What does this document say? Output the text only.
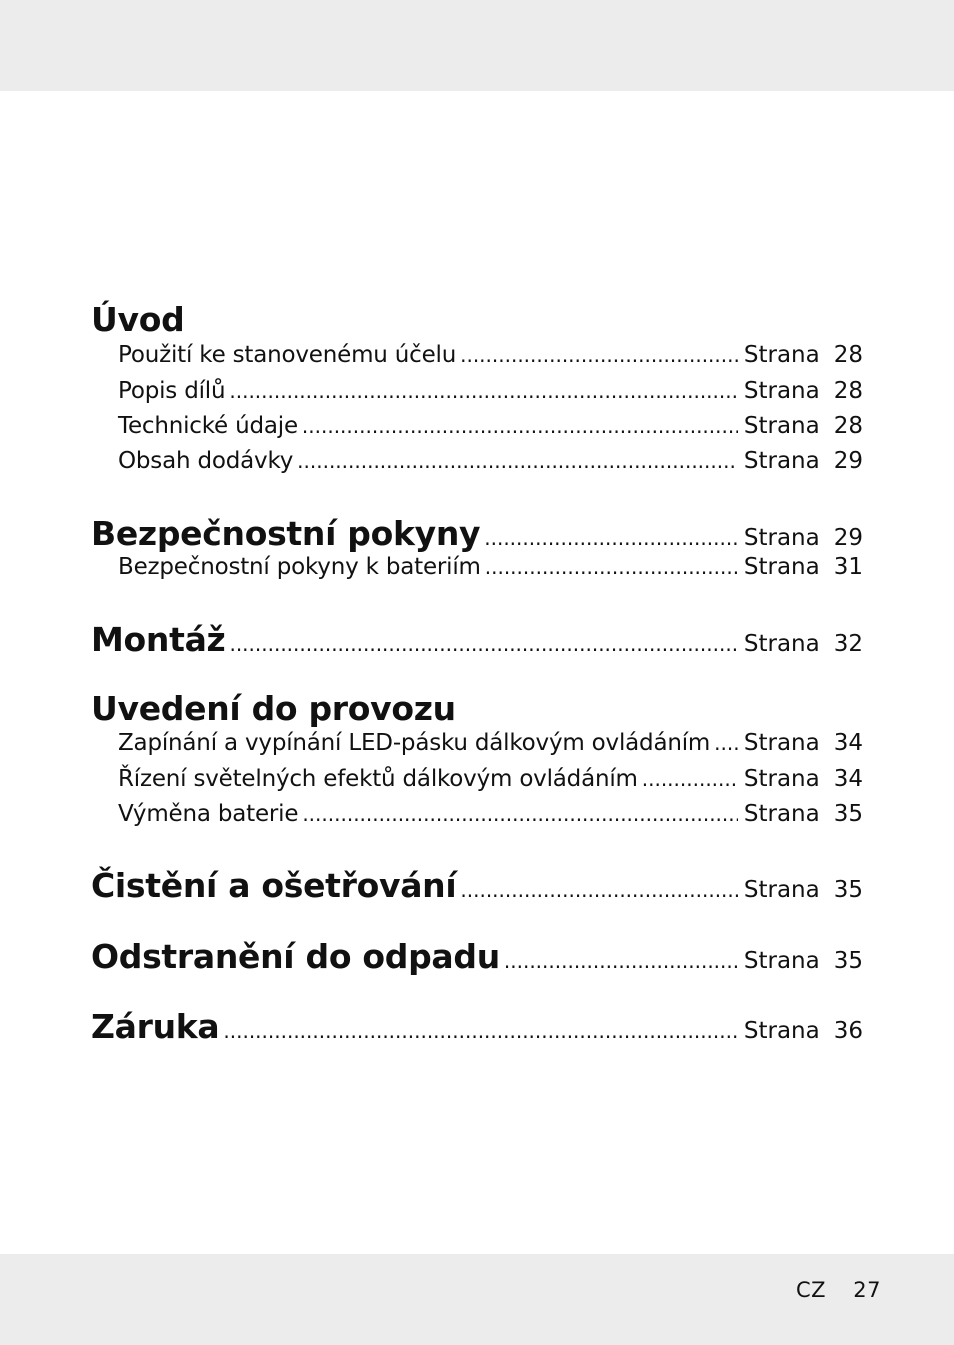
Úvod
Použití ke stanovenému účelu .....	Strana 28
Popis dílů .....	Strana 28
Technické údaje .....	Strana 28
Obsah dodávky .....	Strana 29
Bezpečnostní pokyny .....	Strana 29
Bezpečnostní pokyny k bateriím .....	Strana 31
Montáž .....	Strana 32
Uvedení do provozu
Zapínání a vypínání LED-pásku dálkovým ovládáním ..... Strana 34
Řízení světelných efektů dálkovým ovládáním .....	Strana 34
Výměna baterie .....	Strana 35
Čistění a ošetřování .....	Strana 35
Odstranění do odpadu .....	Strana 35
Záruka .....	Strana 36
CZ 27
